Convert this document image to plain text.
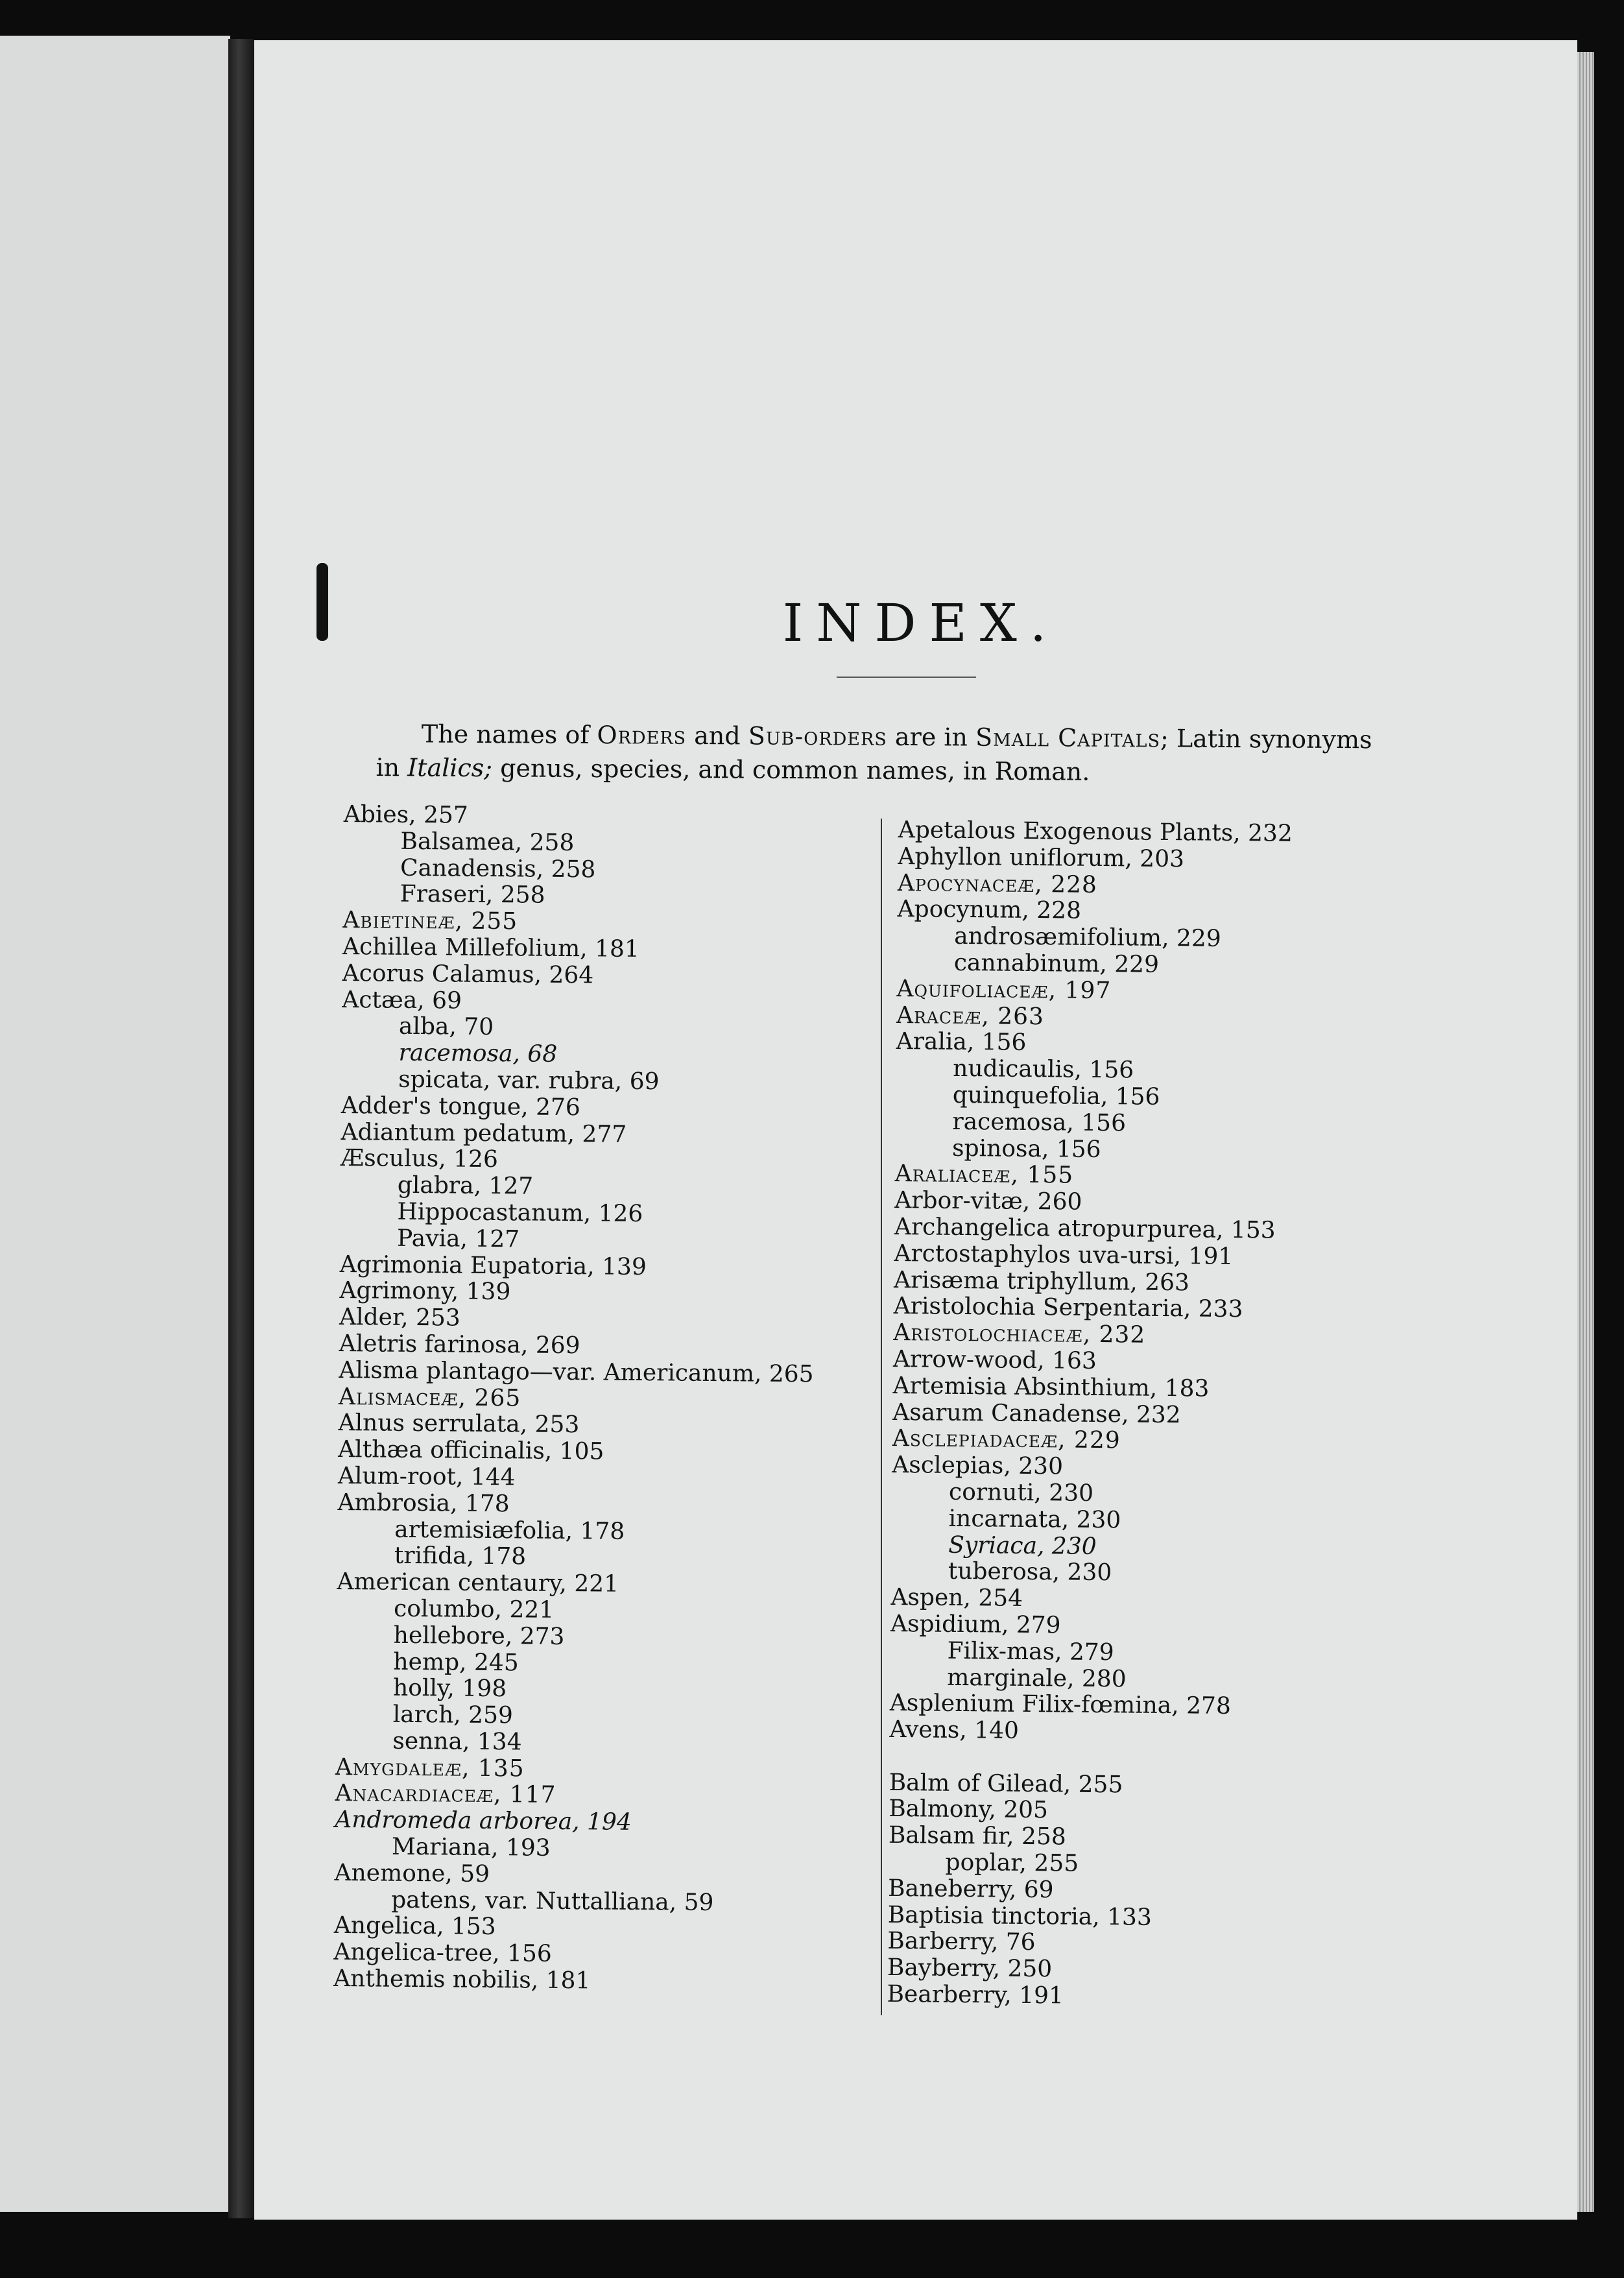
INDEX.
The names of Orders and Sub-orders are in Small Capitals; Latin synonyms
in Italics; genus, species, and common names, in Roman.
Abies, 257
Balsamea, 258
Canadensis, 258
Fraseri, 258
Abietineæ, 255
Achillea Millefolium, 181
Acorus Calamus, 264
Actæa, 69
alba, 70
racemosa, 68
spicata, var. rubra, 69
Adder's tongue, 276
Adiantum pedatum, 277
Æsculus, 126
glabra, 127
Hippocastanum, 126
Pavia, 127
Agrimonia Eupatoria, 139
Agrimony, 139
Alder, 253
Aletris farinosa, 269
Alisma plantago—var. Americanum, 265
Alismaceæ, 265
Alnus serrulata, 253
Althæa officinalis, 105
Alum-root, 144
Ambrosia, 178
artemisiæfolia, 178
trifida, 178
American centaury, 221
columbo, 221
hellebore, 273
hemp, 245
holly, 198
larch, 259
senna, 134
Amygdaleæ, 135
Anacardiaceæ, 117
Andromeda arborea, 194
Mariana, 193
Anemone, 59
patens, var. Nuttalliana, 59
Angelica, 153
Angelica-tree, 156
Anthemis nobilis, 181
Apetalous Exogenous Plants, 232
Aphyllon uniflorum, 203
Apocynaceæ, 228
Apocynum, 228
androsæmifolium, 229
cannabinum, 229
Aquifoliaceæ, 197
Araceæ, 263
Aralia, 156
nudicaulis, 156
quinquefolia, 156
racemosa, 156
spinosa, 156
Araliaceæ, 155
Arbor-vitæ, 260
Archangelica atropurpurea, 153
Arctostaphylos uva-ursi, 191
Arisæma triphyllum, 263
Aristolochia Serpentaria, 233
Aristolochiaceæ, 232
Arrow-wood, 163
Artemisia Absinthium, 183
Asarum Canadense, 232
Asclepiadaceæ, 229
Asclepias, 230
cornuti, 230
incarnata, 230
Syriaca, 230
tuberosa, 230
Aspen, 254
Aspidium, 279
Filix-mas, 279
marginale, 280
Asplenium Filix-fœmina, 278
Avens, 140
Balm of Gilead, 255
Balmony, 205
Balsam fir, 258
poplar, 255
Baneberry, 69
Baptisia tinctoria, 133
Barberry, 76
Bayberry, 250
Bearberry, 191
